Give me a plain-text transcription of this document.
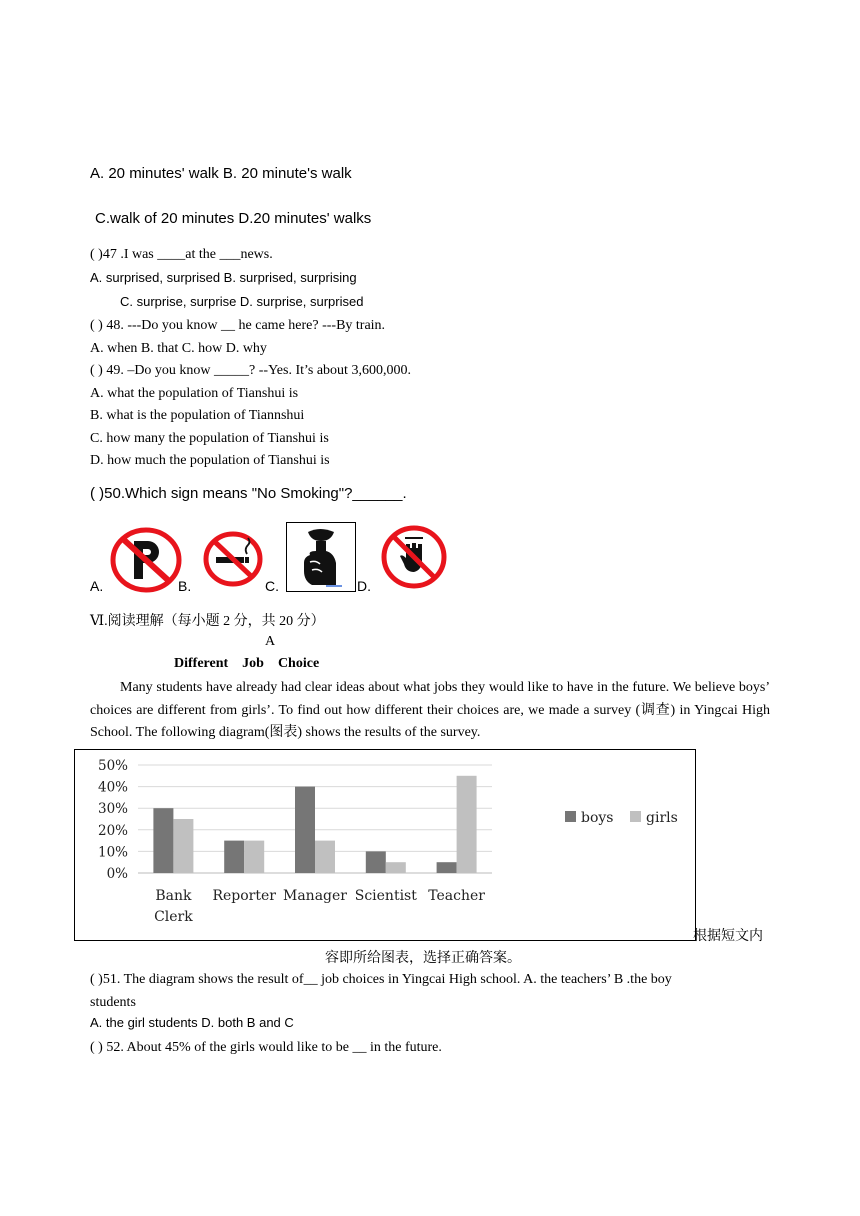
A. 20 minutes' walk B. 20 minute's walk
C.walk of 20 minutes D.20 minutes' walks
( )47 .I was ____at the ___news.
A. surprised, surprised B. surprised, surprising
C. surprise, surprise D. surprise, surprised
( ) 48. ---Do you know __ he came here? ---By train.
A. when B. that C. how D. why
( ) 49. –Do you know _____? --Yes. It’s about 3,600,000.
A. what the population of Tianshui is
B. what is the population of Tiannshui
C. how many the population of Tianshui is
D. how much the population of Tianshui is
( )50.Which sign means "No Smoking"?______.
A.	B.	C.	D.
Ⅵ.阅读理解（每小题 2 分，共 20 分）
A
Different    Job    Choice
Many students have already had clear ideas about what jobs they would like to have in the future. We believe boys’ choices are different from girls’. To find out how different their choices are, we made a survey (调查) in Yingcai High School. The following diagram(图表) shows the results of the survey.
0%
10%
20%
30%
40%
50%
Bank Clerk
Reporter Manager Scientist Teacher
boys girls
根据短文内
容即所给图表，选择正确答案。
( )51. The diagram shows the result of__ job choices in Yingcai High school. A. the teachers’ B .the boy
students
A. the girl students D. both B and C
( ) 52. About 45% of the girls would like to be __ in the future.
